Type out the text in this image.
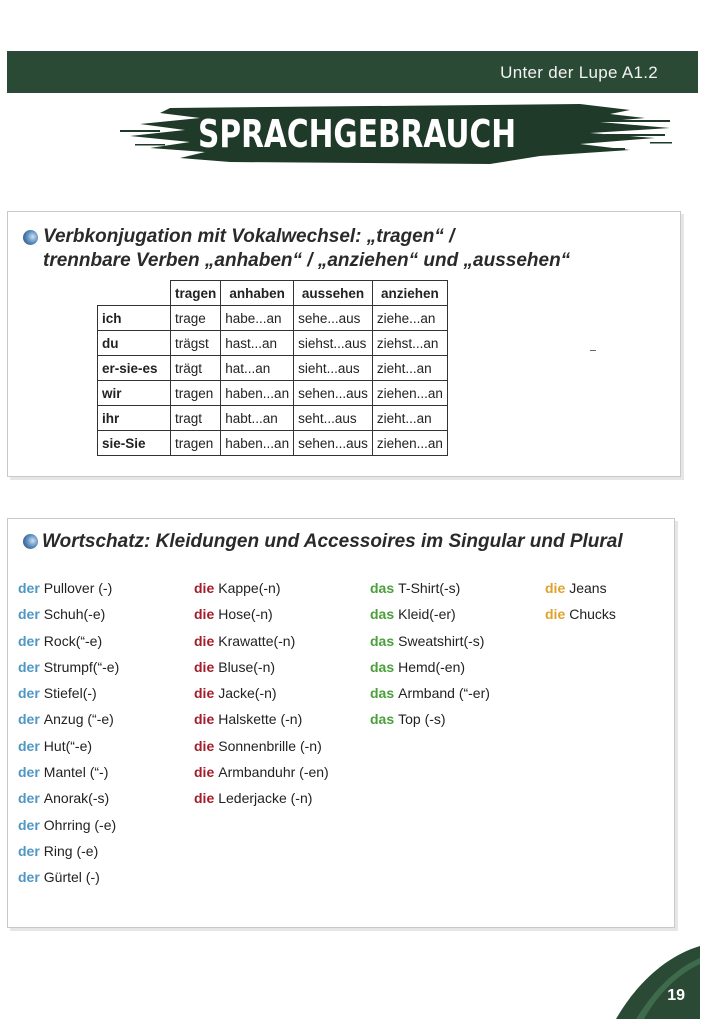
Unter der Lupe A1.2
SPRACHGEBRAUCH
Verbkonjugation mit Vokalwechsel: „tragen“ /
trennbare Verben „anhaben“ / „anziehen“ und „aussehen“
	tragen	anhaben	aussehen	anziehen
ich	trage	habe...an	sehe...aus	ziehe...an
du	trägst	hast...an	siehst...aus	ziehst...an
er-sie-es	trägt	hat...an	sieht...aus	zieht...an
wir	tragen	haben...an	sehen...aus	ziehen...an
ihr	tragt	habt...an	seht...aus	zieht...an
sie-Sie	tragen	haben...an	sehen...aus	ziehen...an
Wortschatz: Kleidungen und Accessoires im Singular und Plural
der Pullover (-)
der Schuh(-e)
der Rock(“-e)
der Strumpf(“-e)
der Stiefel(-)
der Anzug (“-e)
der Hut(“-e)
der Mantel (“-)
der Anorak(-s)
der Ohrring (-e)
der Ring (-e)
der Gürtel (-)
die Kappe(-n)
die Hose(-n)
die Krawatte(-n)
die Bluse(-n)
die Jacke(-n)
die Halskette (-n)
die Sonnenbrille (-n)
die Armbanduhr (-en)
die Lederjacke (-n)
das T-Shirt(-s)
das Kleid(-er)
das Sweatshirt(-s)
das Hemd(-en)
das Armband (“-er)
das Top (-s)
die Jeans
die Chucks
19
